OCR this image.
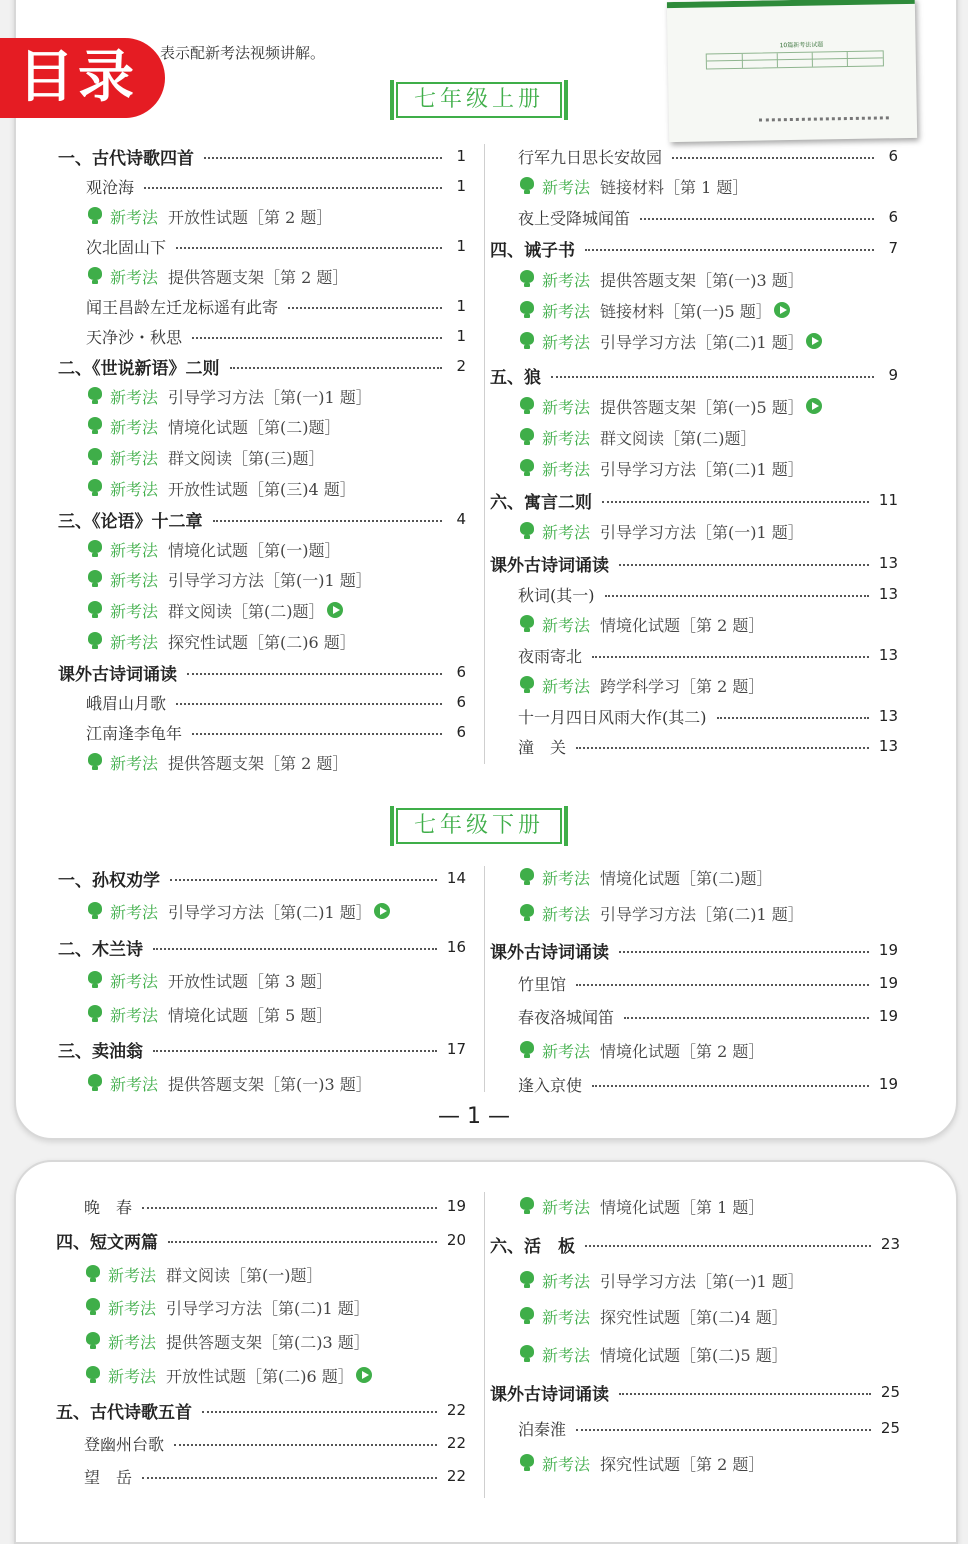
10篇新考法试题
目录	表示配新考法视频讲解。
七年级上册
七年级下册
— 1 —
一、古代诗歌四首	1
观沧海	1
新考法 开放性试题［第 2 题］
次北固山下	1
新考法 提供答题支架［第 2 题］
闻王昌龄左迁龙标遥有此寄	1
天净沙・秋思	1
二、《世说新语》二则	2
新考法 引导学习方法［第(一)1 题］
新考法 情境化试题［第(二)题］
新考法 群文阅读［第(三)题］
新考法 开放性试题［第(三)4 题］
三、《论语》十二章	4
新考法 情境化试题［第(一)题］
新考法 引导学习方法［第(一)1 题］
新考法 群文阅读［第(二)题］
新考法 探究性试题［第(二)6 题］
课外古诗词诵读	6
峨眉山月歌	6
江南逢李龟年	6
新考法 提供答题支架［第 2 题］
行军九日思长安故园	6
新考法 链接材料［第 1 题］
夜上受降城闻笛	6
四、诫子书	7
新考法 提供答题支架［第(一)3 题］
新考法 链接材料［第(一)5 题］
新考法 引导学习方法［第(二)1 题］
五、狼	9
新考法 提供答题支架［第(一)5 题］
新考法 群文阅读［第(二)题］
新考法 引导学习方法［第(二)1 题］
六、寓言二则	11
新考法 引导学习方法［第(一)1 题］
课外古诗词诵读	13
秋词(其一)	13
新考法 情境化试题［第 2 题］
夜雨寄北	13
新考法 跨学科学习［第 2 题］
十一月四日风雨大作(其二)	13
潼　关	13
一、孙权劝学	14
新考法 引导学习方法［第(二)1 题］
二、木兰诗	16
新考法 开放性试题［第 3 题］
新考法 情境化试题［第 5 题］
三、卖油翁	17
新考法 提供答题支架［第(一)3 题］
新考法 情境化试题［第(二)题］
新考法 引导学习方法［第(二)1 题］
课外古诗词诵读	19
竹里馆	19
春夜洛城闻笛	19
新考法 情境化试题［第 2 题］
逢入京使	19
晚　春	19
四、短文两篇	20
新考法 群文阅读［第(一)题］
新考法 引导学习方法［第(二)1 题］
新考法 提供答题支架［第(二)3 题］
新考法 开放性试题［第(二)6 题］
五、古代诗歌五首	22
登幽州台歌	22
望　岳	22
新考法 情境化试题［第 1 题］
六、活　板	23
新考法 引导学习方法［第(一)1 题］
新考法 探究性试题［第(二)4 题］
新考法 情境化试题［第(二)5 题］
课外古诗词诵读	25
泊秦淮	25
新考法 探究性试题［第 2 题］
